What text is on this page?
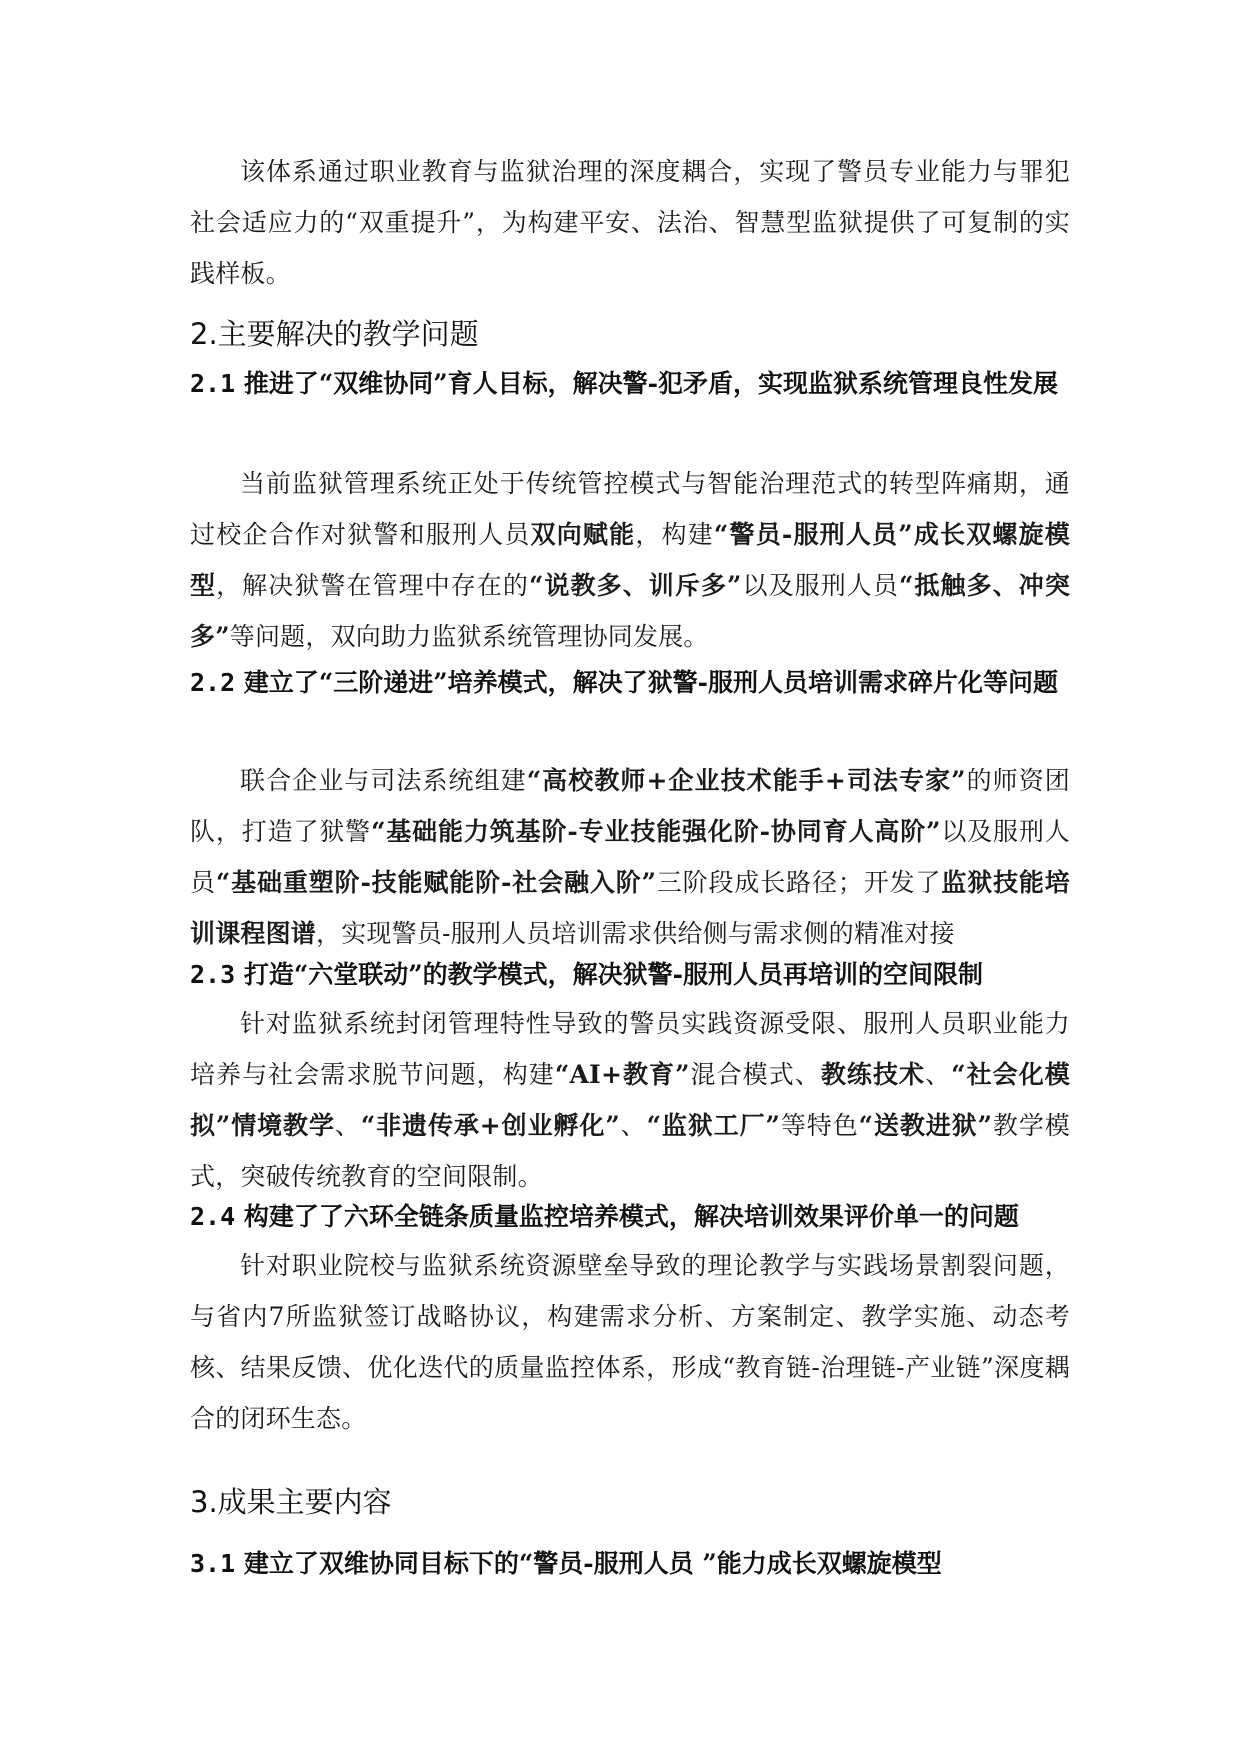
该体系通过职业教育与监狱治理的深度耦合，实现了警员专业能力与罪犯社会适应力的“双重提升”，为构建平安、法治、智慧型监狱提供了可复制的实践样板。

2.主要解决的教学问题

2.1 推进了“双维协同”育人目标，解决警-犯矛盾，实现监狱系统管理良性发展

当前监狱管理系统正处于传统管控模式与智能治理范式的转型阵痛期，通过校企合作对狱警和服刑人员双向赋能，构建“警员-服刑人员”成长双螺旋模型，解决狱警在管理中存在的“说教多、训斥多”以及服刑人员“抵触多、冲突多”等问题，双向助力监狱系统管理协同发展。

2.2 建立了“三阶递进”培养模式，解决了狱警-服刑人员培训需求碎片化等问题

联合企业与司法系统组建“高校教师+企业技术能手+司法专家”的师资团队，打造了狱警“基础能力筑基阶-专业技能强化阶-协同育人高阶”以及服刑人员“基础重塑阶-技能赋能阶-社会融入阶”三阶段成长路径；开发了监狱技能培训课程图谱，实现警员-服刑人员培训需求供给侧与需求侧的精准对接

2.3 打造“六堂联动”的教学模式，解决狱警-服刑人员再培训的空间限制

针对监狱系统封闭管理特性导致的警员实践资源受限、服刑人员职业能力培养与社会需求脱节问题，构建“AI+教育”混合模式、教练技术、“社会化模拟”情境教学、“非遗传承+创业孵化”、“监狱工厂”等特色“送教进狱”教学模式，突破传统教育的空间限制。

2.4 构建了了六环全链条质量监控培养模式，解决培训效果评价单一的问题

针对职业院校与监狱系统资源壁垒导致的理论教学与实践场景割裂问题，与省内7所监狱签订战略协议，构建需求分析、方案制定、教学实施、动态考核、结果反馈、优化迭代的质量监控体系，形成“教育链-治理链-产业链”深度耦合的闭环生态。

3.成果主要内容

3.1 建立了双维协同目标下的“警员-服刑人员 ”能力成长双螺旋模型
